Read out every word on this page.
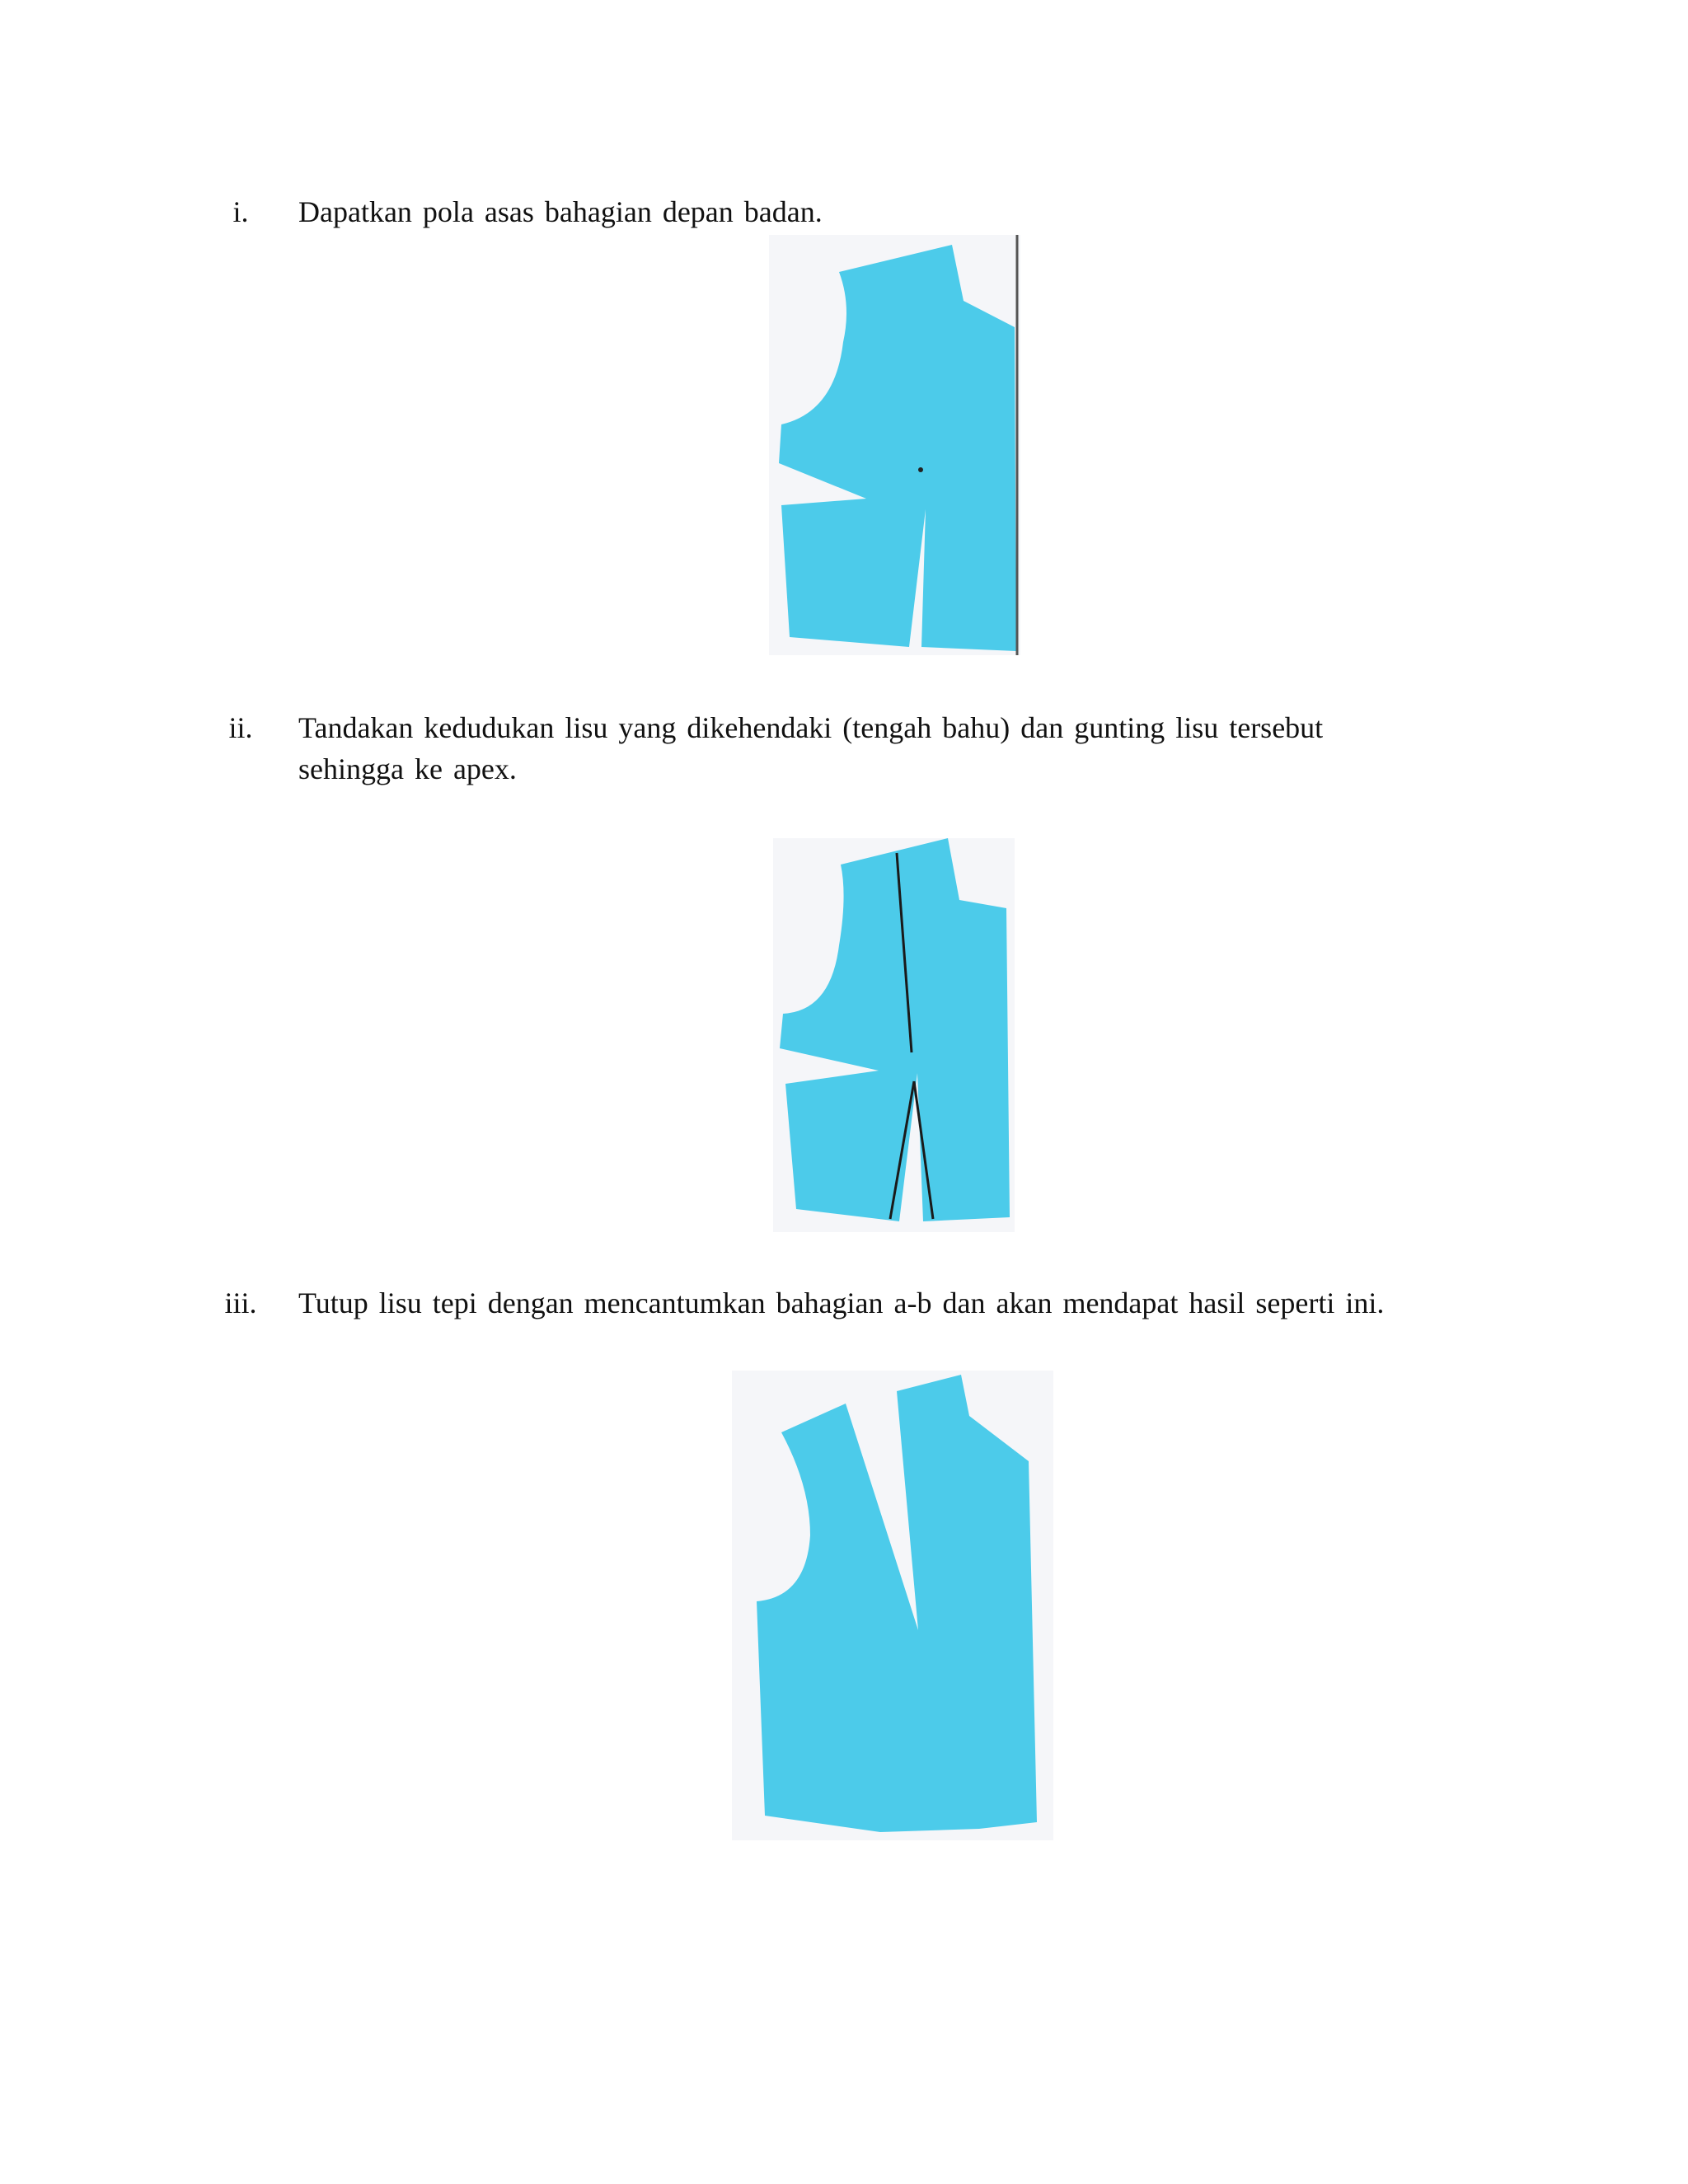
i.	Dapatkan pola asas bahagian depan badan.
ii.	Tandakan kedudukan lisu yang dikehendaki (tengah bahu) dan gunting lisu tersebut sehingga ke apex.
iii. Tutup lisu tepi dengan mencantumkan bahagian a-b dan akan mendapat hasil seperti ini.
